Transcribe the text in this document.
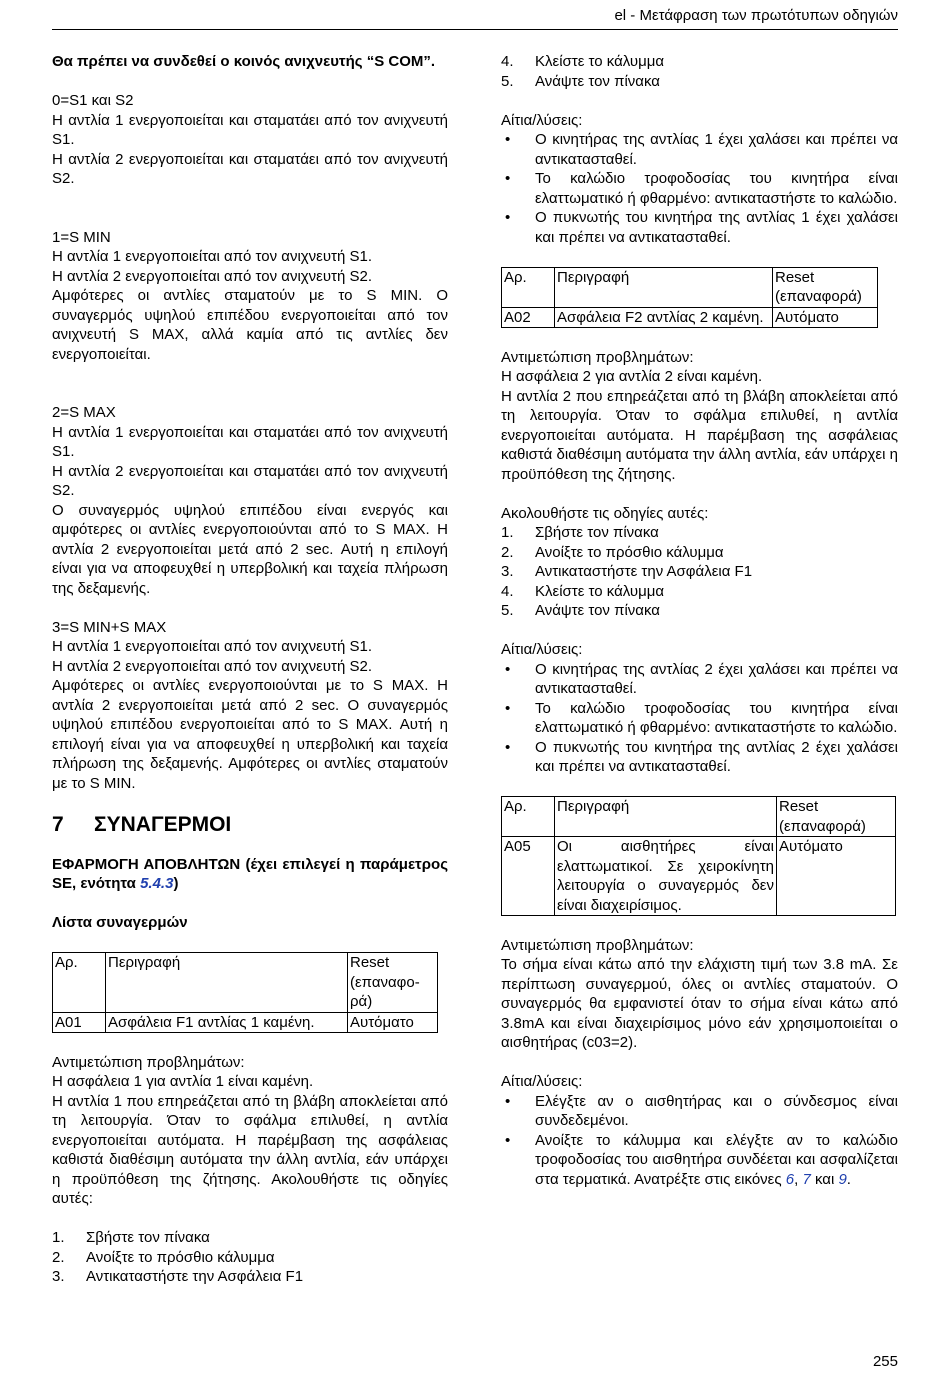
el - Μετάφραση των πρωτότυπων οδηγιών

Θα πρέπει να συνδεθεί ο κοινός ανιχνευτής “S COM”.

0=S1 και S2

Η αντλία 1 ενεργοποιείται και σταματάει από τον ανιχνευτή S1.

Η αντλία 2 ενεργοποιείται και σταματάει από τον ανιχνευτή S2.

1=S MIN

Η αντλία 1 ενεργοποιείται από τον ανιχνευτή S1.

Η αντλία 2 ενεργοποιείται από τον ανιχνευτή S2.

Αμφότερες οι αντλίες σταματούν με το S MIN. Ο συναγερμός υψηλού επιπέδου ενεργοποιείται από τον ανιχνευτή S MAX, αλλά καμία από τις αντλίες δεν ενεργοποιείται.

2=S MAX

Η αντλία 1 ενεργοποιείται και σταματάει από τον ανιχνευτή S1.

Η αντλία 2 ενεργοποιείται και σταματάει από τον ανιχνευτή S2.

Ο συναγερμός υψηλού επιπέδου είναι ενεργός και αμφότερες οι αντλίες ενεργοποιούνται από το S MAX. Η αντλία 2 ενεργοποιείται μετά από 2 sec. Αυτή η επιλογή είναι για να αποφευχθεί η υπερβολική και ταχεία πλήρωση της δεξαμενής.

3=S MIN+S MAX

Η αντλία 1 ενεργοποιείται από τον ανιχνευτή S1.

Η αντλία 2 ενεργοποιείται από τον ανιχνευτή S2.

Αμφότερες οι αντλίες ενεργοποιούνται με το S MAX. Η αντλία 2 ενεργοποιείται μετά από 2 sec. Ο συναγερμός υψηλού επιπέδου ενεργοποιείται από το S MAX. Αυτή η επιλογή είναι για να αποφευχθεί η υπερβολική και ταχεία πλήρωση της δεξαμενής. Αμφότερες οι αντλίες σταματούν με το S MIN.

7	ΣΥΝΑΓΕΡΜΟΙ

ΕΦΑΡΜΟΓΗ ΑΠΟΒΛΗΤΩΝ (έχει επιλεγεί η παράμετρος SE, ενότητα 5.4.3)

Λίστα συναγερμών

Αρ.	Περιγραφή	Reset (επαναφο-ρά)
A01	Ασφάλεια F1 αντλίας 1 καμένη.	Αυτόματο

Αντιμετώπιση προβλημάτων:

Η ασφάλεια 1 για αντλία 1 είναι καμένη.

Η αντλία 1 που επηρεάζεται από τη βλάβη αποκλείεται από τη λειτουργία. Όταν το σφάλμα επιλυθεί, η αντλία ενεργοποιείται αυτόματα. Η παρέμβαση της ασφάλειας καθιστά διαθέσιμη αυτόματα την άλλη αντλία, εάν υπάρχει η προϋπόθεση της ζήτησης. Ακολουθήστε τις οδηγίες αυτές:

1.	Σβήστε τον πίνακα
2.	Ανοίξτε το πρόσθιο κάλυμμα
3.	Αντικαταστήστε την Ασφάλεια F1
4.	Κλείστε το κάλυμμα
5.	Ανάψτε τον πίνακα

Αίτια/λύσεις:

•	Ο κινητήρας της αντλίας 1 έχει χαλάσει και πρέπει να αντικατασταθεί.
•	Το καλώδιο τροφοδοσίας του κινητήρα είναι ελαττωματικό ή φθαρμένο: αντικαταστήστε το καλώδιο.
•	Ο πυκνωτής του κινητήρα της αντλίας 1 έχει χαλάσει και πρέπει να αντικατασταθεί.
Αρ.	Περιγραφή	Reset (επαναφορά)
A02	Ασφάλεια F2 αντλίας 2 καμένη.	Αυτόματο

Αντιμετώπιση προβλημάτων:

Η ασφάλεια 2 για αντλία 2 είναι καμένη.

Η αντλία 2 που επηρεάζεται από τη βλάβη αποκλείεται από τη λειτουργία. Όταν το σφάλμα επιλυθεί, η αντλία ενεργοποιείται αυτόματα. Η παρέμβαση της ασφάλειας καθιστά διαθέσιμη αυτόματα την άλλη αντλία, εάν υπάρχει η προϋπόθεση της ζήτησης.

Ακολουθήστε τις οδηγίες αυτές:

1.	Σβήστε τον πίνακα
2.	Ανοίξτε το πρόσθιο κάλυμμα
3.	Αντικαταστήστε την Ασφάλεια F1
4.	Κλείστε το κάλυμμα
5.	Ανάψτε τον πίνακα

Αίτια/λύσεις:

•	Ο κινητήρας της αντλίας 2 έχει χαλάσει και πρέπει να αντικατασταθεί.
•	Το καλώδιο τροφοδοσίας του κινητήρα είναι ελαττωματικό ή φθαρμένο: αντικαταστήστε το καλώδιο.
•	Ο πυκνωτής του κινητήρα της αντλίας 2 έχει χαλάσει και πρέπει να αντικατασταθεί.
Αρ.	Περιγραφή	Reset (επαναφορά)
A05	Οι αισθητήρες είναι ελαττωματικοί. Σε χειροκίνητη λειτουργία ο συναγερμός δεν είναι διαχειρίσιμος.	Αυτόματο

Αντιμετώπιση προβλημάτων:

Το σήμα είναι κάτω από την ελάχιστη τιμή των 3.8 mA. Σε περίπτωση συναγερμού, όλες οι αντλίες σταματούν. Ο συναγερμός θα εμφανιστεί όταν το σήμα είναι κάτω από 3.8mA και είναι διαχειρίσιμος μόνο εάν χρησιμοποιείται ο αισθητήρας (c03=2).

Αίτια/λύσεις:

•	Ελέγξτε αν ο αισθητήρας και ο σύνδεσμος είναι συνδεδεμένοι.
•	Ανοίξτε το κάλυμμα και ελέγξτε αν το καλώδιο τροφοδοσίας του αισθητήρα συνδέεται και ασφαλίζεται στα τερματικά. Ανατρέξτε στις εικόνες 6, 7 και 9.
255
